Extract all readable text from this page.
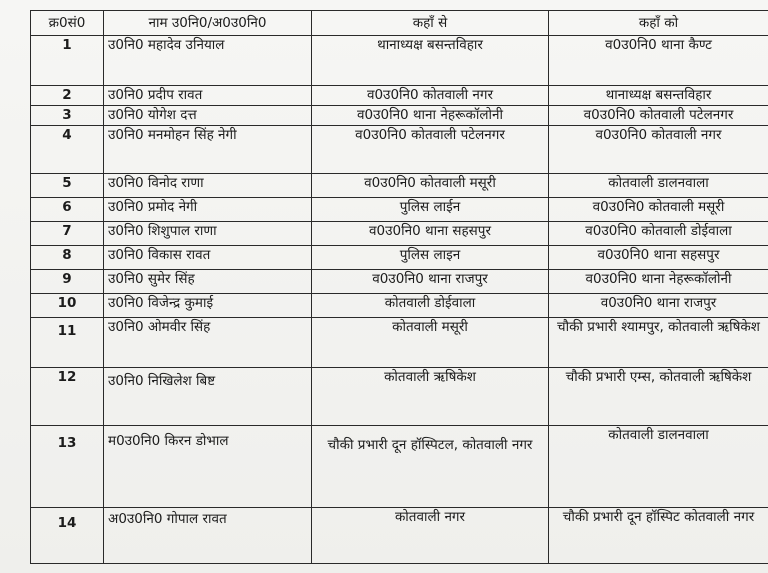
क्र0सं0	नाम उ0नि0/अ0उ0नि0	कहाँ से	कहाँ को
1	उ0नि0 महादेव उनियाल	थानाध्यक्ष बसन्तविहार	व0उ0नि0 थाना कैण्ट
2	उ0नि0 प्रदीप रावत	व0उ0नि0 कोतवाली नगर	थानाध्यक्ष बसन्तविहार
3	उ0नि0 योगेश दत्त	व0उ0नि0 थाना नेहरूकॉलोनी	व0उ0नि0 कोतवाली पटेलनगर
4	उ0नि0 मनमोहन सिंह नेगी	व0उ0नि0 कोतवाली पटेलनगर	व0उ0नि0 कोतवाली नगर
5	उ0नि0 विनोद राणा	व0उ0नि0 कोतवाली मसूरी	कोतवाली डालनवाला
6	उ0नि0 प्रमोद नेगी	पुलिस लाईन	व0उ0नि0 कोतवाली मसूरी
7	उ0नि0 शिशुपाल राणा	व0उ0नि0 थाना सहसपुर	व0उ0नि0 कोतवाली डोईवाला
8	उ0नि0 विकास रावत	पुलिस लाइन	व0उ0नि0 थाना सहसपुर
9	उ0नि0 सुमेर सिंह	व0उ0नि0 थाना राजपुर	व0उ0नि0 थाना नेहरूकॉलोनी
10	उ0नि0 विजेन्द्र कुमाई	कोतवाली डोईवाला	व0उ0नि0 थाना राजपुर
11	उ0नि0 ओमवीर सिंह	कोतवाली मसूरी	चौकी प्रभारी श्यामपुर, कोतवाली ऋषिकेश
12	उ0नि0 निखिलेश बिष्ट	कोतवाली ऋषिकेश	चौकी प्रभारी एम्स, कोतवाली ऋषिकेश
13	म0उ0नि0 किरन डोभाल	चौकी प्रभारी दून हॉस्पिटल, कोतवाली नगर	कोतवाली डालनवाला
14	अ0उ0नि0 गोपाल रावत	कोतवाली नगर	चौकी प्रभारी दून हॉस्पिट कोतवाली नगर
